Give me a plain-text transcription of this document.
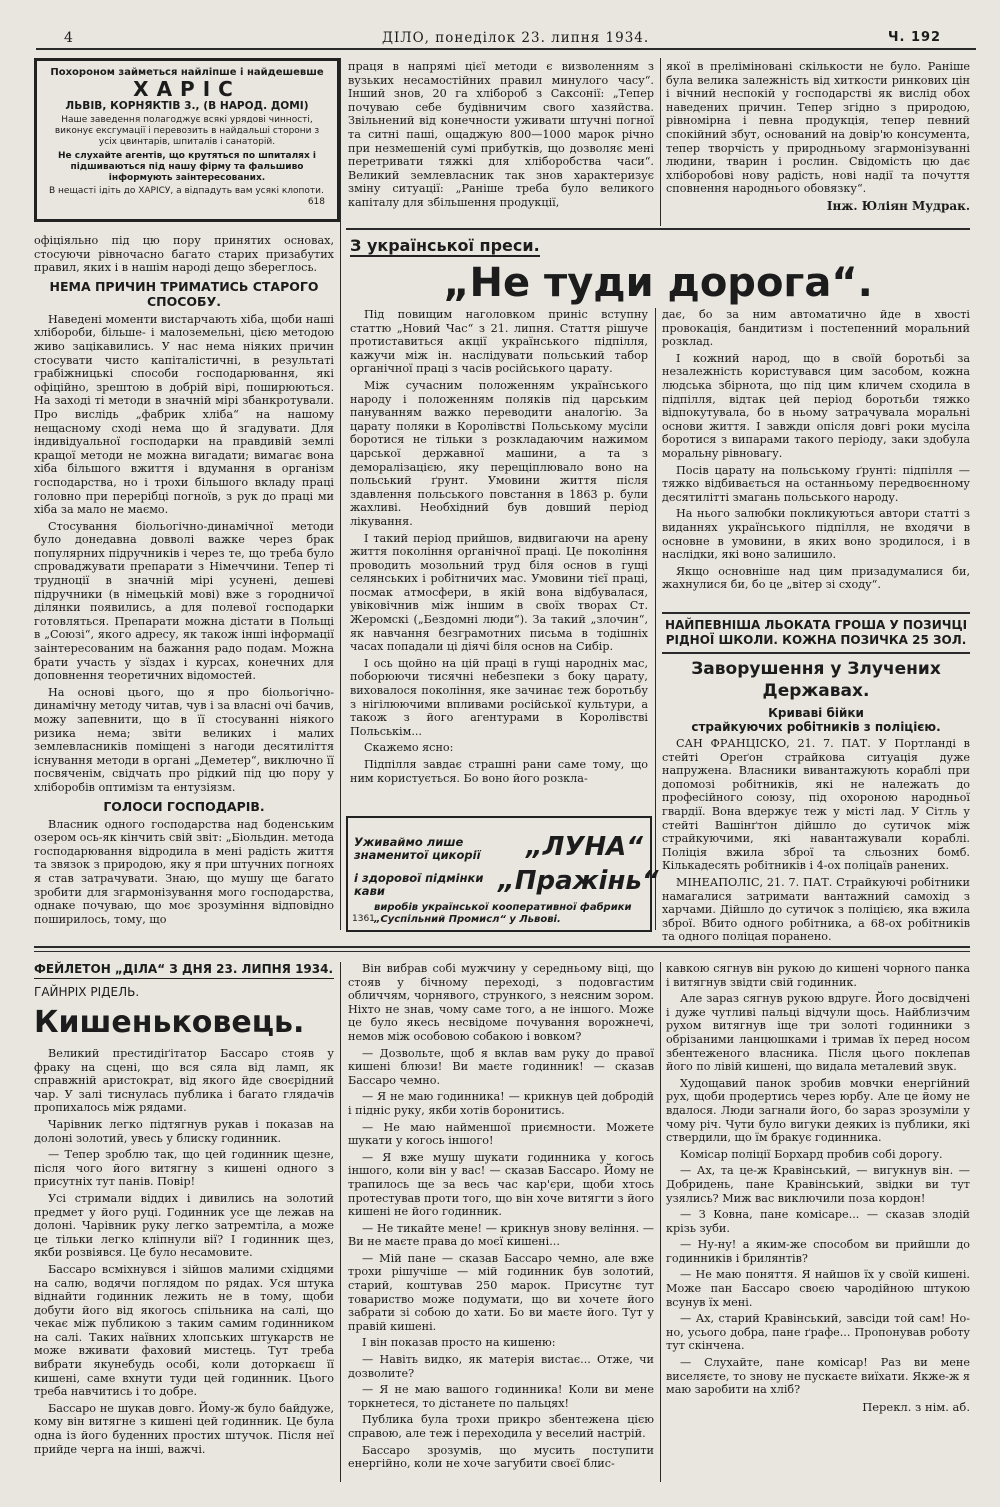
4	ДІЛО, понеділок 23. липня 1934.	Ч. 192
Похороном займеться найліпше і найдешевше
ХАРІС
ЛЬВІВ, КОРНЯКТІВ 3., (В НАРОД. ДОМІ)
Наше заведення полагоджує всякі урядові чинності, виконує ексгумації і перевозить в найдальші сторони з усіх цвинтарів, шпиталів і санаторій.
Не слухайте агентів, що крутяться по шпиталях і підшиваються під нашу фірму та фальшиво інформують заінтересованих.
В нещасті ідіть до ХАРІСУ, а відпадуть вам усякі клопоти.
618

офіціяльно під цю пору принятих основах, стосуючи рівночасно багато старих призабутих правил, яких і в нашім народі дещо збереглось.

НЕМА ПРИЧИН ТРИМАТИСЬ СТАРОГО СПОСОБУ.

Наведені моменти вистарчають хіба, щоби наші хлібороби, більше- і малоземельні, цією методою живо зацікавились. У нас нема ніяких причин стосувати чисто капіталістичні, в результаті грабіжницькі способи господарювання, які офіційно, зрештою в добрій вірі, поширюються. На заході ті методи в значній мірі збанкротували. Про вислідь „фабрик хліба“ на нашому нещасному сході нема що й згадувати. Для індивідуальної господарки на правдивій землі кращої методи не можна вигадати; вимагає вона хіба більшого вжиття і вдумання в організм господарства, но і трохи більшого вкладу праці головно при перерібці погноїв, з рук до праці ми хіба за мало не маємо.

Стосування біольогічно-динамічної методи було донедавна довволі важке через брак популярних підручників і через те, що треба було спроваджувати препарати з Німеччини. Тепер ті трудноції в значній мірі усунені, дешеві підручники (в німецькій мові) вже з городничої ділянки появились, а для полевої господарки готовляться. Препарати можна дістати в Польщі в „Союзі“, якого адресу, як також інші інформації заінтересованим на бажання радо подам. Можна брати участь у зїздах і курсах, конечних для доповнення теоретичних відомостей.

На основі цього, що я про біольогічно-динамічну методу читав, чув і за власні очі бачив, можу запевнити, що в її стосуванні ніякого ризика нема; звіти великих і малих землевласників поміщені з нагоди десятиліття існування методи в органі „Деметер“, виключно її посвяченім, свідчать про рідкий під цю пору у хліборобів оптимізм та ентузіязм.

ГОЛОСИ ГОСПОДАРІВ.

Власник одного господарства над боденським озером ось-як кінчить свій звіт: „Біольдин. метода господарювання відродила в мені радість життя та звязок з природою, яку я при штучних погноях я став затрачувати. Знаю, що мушу ще багато зробити для згармонізування мого господарства, однаке почуваю, що моє зрозуміння відповідно поширилось, тому, що

праця в напрямі цієї методи є визволенням з вузьких несамостійних правил минулого часу“. Інший знов, 20 га хлібороб з Саксонії: „Тепер почуваю себе будівничим свого хазяйства. Звільнений від конечности уживати штучні погної та ситні паші, ощаджую 800—1000 марок річно при незмешеній сумі прибутків, що дозволяє мені перетривати тяжкі для хліборобства часи“. Великий землевласник так знов характеризує зміну ситуації: „Раніше треба було великого капіталу для збільшення продукції,

якої в преліміновані скількости не було. Раніше була велика залежність від хиткости ринкових цін і вічний неспокій у господарстві як вислід обох наведених причин. Тепер згідно з природою, рівномірна і певна продукція, тепер певний спокійний збут, оснований на довір'ю консумента, тепер творчість у природньому згармонізуванні людини, тварин і рослин. Свідомість цю дає хліборобові нову радість, нові надії та почуття сповнення народнього обовязку“.

Інж. Юліян Мудрак.
З української преси.
„Не туди дорога“.

Під повищим наголовком приніс вступну статтю „Новий Час“ з 21. липня. Стаття рішуче протиставиться акції українського підпілля, кажучи між ін. наслідувати польський табор органічної праці з часів російського царату.

Між сучасним положенням українського народу і положенням поляків під царським пануванням важко переводити аналогію. За царату поляки в Королівстві Польському мусіли боротися не тільки з розкладаючим нажимом царської державної машини, а та з деморалізацією, яку перещіплювало воно на польський ґрунт. Умовини життя після здавлення польського повстання в 1863 р. були жахливі. Необхідний був довший період лікування.

І такий період прийшов, видвигаючи на арену життя покоління органічної праці. Це покоління проводить мозольний труд біля основ в гущі селянських і робітничих мас. Умовини тієї праці, посмак атмосфери, в якій вона відбувалася, увіковічнив між іншим в своїх творах Ст. Жеромскі („Бездомні люди“). За такий „злочин“, як навчання безграмотних письма в тодішніх часах попадали ці діячі біля основ на Сибір.

І ось щойно на цій праці в гущі народніх мас, поборюючи тисячні небезпеки з боку царату, виховалося покоління, яке зачинає теж боротьбу з нігілюючими впливами російської культури, а також з його агентурами в Королівстві Польськім...

Скажемо ясно:

Підпілля завдає страшні рани саме тому, що ним користується. Бо воно його розкла-

дає, бо за ним автоматично йде в хвості провокація, бандитизм і постепенний моральний розклад.

І кожний народ, що в своїй боротьбі за незалежність користувався цим засобом, кожна людська збірнота, що під цим кличем сходила в підпілля, відтак цей період боротьби тяжко відпокутувала, бо в ньому затрачувала моральні основи життя. І завжди опісля довгі роки мусіла боротися з випарами такого періоду, заки здобула моральну рівновагу.

Посів царату на польському ґрунті: підпілля — тяжко відбивається на останньому передвоєнному десятилітті змагань польського народу.

На нього залюбки покликуються автори статті з виданнях українського підпілля, не входячи в основне в умовини, в яких воно зродилося, і в наслідки, які воно залишило.

Якщо основніше над цим призадумалися би, жахнулися би, бо це „вітер зі сходу“.

Уживаймо лише знаменитої цикорії	„ЛУНА“
і здорової підмінки кави	„Пражінь“
виробів української кооперативної фабрики „Суспільний Промисл“ у Львові.
1361
НАЙПЕВНІША ЛЬОКАТА ГРОША У ПОЗИЧЦІ РІДНОЇ ШКОЛИ. КОЖНА ПОЗИЧКА 25 ЗОЛ.
Заворушення у Злучених Державах.
Криваві бійки
страйкуючих робітників з поліцією.

САН ФРАНЦІСКО, 21. 7. ПАТ. У Портланді в стейті Ореґон страйкова ситуація дуже напружена. Власники вивантажують кораблі при допомозі робітників, які не належать до професійного союзу, під охороною народньої гвардії. Вона вдержує теж у місті лад. У Сітль у стейті Вашінґтон дійшло до сутичок між страйкуючими, які навантажували кораблі. Поліція вжила зброї та сльозних бомб. Кількадесять робітників і 4-ох поліцаїв ранених.

МІНЕАПОЛІС, 21. 7. ПАТ. Страйкуючі робітники намагалися затримати вантажний самохід з харчами. Дійшло до сутичок з поліцією, яка вжила зброї. Вбито одного робітника, а 68-ох робітників та одного поліцая поранено.

ФЕЙЛЕТОН „ДІЛА“ З ДНЯ 23. ЛИПНЯ 1934.
ГАЙНРІХ РІДЕЛЬ.
Кишеньковець.

Великий престидіґітатор Бассаро стояв у фраку на сцені, що вся сяла від ламп, як справжній аристократ, від якого йде своєрідний чар. У залі тиснулась публика і багато глядачів пропихалось між рядами.

Чарівник легко підтягнув рукав і показав на долоні золотий, увесь у блиску годинник.

— Тепер зроблю так, що цей годинник щезне, після чого його витягну з кишені одного з присутніх тут панів. Повір!

Усі стримали віддих і дивились на золотий предмет у його руці. Годинник усе ще лежав на долоні. Чарівник руку легко затремтіла, а може це тільки легко кліпнули вії? І годинник щез, якби розвіявся. Це було несамовите.

Бассаро всміхнувся і зійшов малими східцями на салю, водячи поглядом по рядах. Уся штука віднайти годинник лежить не в тому, щоби добути його від якогось спільника на салі, що чекає між публикою з таким самим годинником на салі. Таких наївних хлопських штукарств не може вживати фаховий мистець. Тут треба вибрати якунебудь особі, коли доторкаєш її кишені, саме вхнути туди цей годинник. Цього треба навчитись і то добре.

Бассаро не шукав довго. Йому-ж було байдуже, кому він витягне з кишені цей годинник. Це була одна із його буденних простих штучок. Після неї прийде черга на інші, важчі.

Він вибрав собі мужчину у середньому віці, що стояв у бічному переході, з подовгастим обличчям, чорнявого, стрункого, з неясним зором. Ніхто не знав, чому саме того, а не іншого. Може це було якесь несвідоме почування ворожнечі, немов між особовою собакою і вовком?

— Дозвольте, щоб я вклав вам руку до правої кишені блюзи! Ви маєте годинник! — сказав Бассаро чемно.

— Я не маю годинника! — крикнув цей добродій і підніс руку, якби хотів боронитись.

— Не маю найменшої приємности. Можете шукати у когось іншого!

— Я вже мушу шукати годинника у когось іншого, коли він у вас! — сказав Бассаро. Йому не трапилось ще за весь час кар'єри, щоби хтось протестував проти того, що він хоче витягти з його кишені не його годинник.

— Не тикайте мене! — крикнув знову веління. — Ви не маєте права до моєї кишені...

— Мій пане — сказав Бассаро чемно, але вже трохи рішучіше — мій годинник був золотий, старий, коштував 250 марок. Присутнє тут товариство може подумати, що ви хочете його забрати зі собою до хати. Бо ви маєте його. Тут у правій кишені.

І він показав просто на кишеню:

— Навіть видко, як матерія вистає... Отже, чи дозволите?

— Я не маю вашого годинника! Коли ви мене торкнетеся, то дістанете по пальцях!

Публика була трохи прикро збентежена цією справою, але теж і переходила у веселий настрій.

Бассаро зрозумів, що мусить поступити енергійно, коли не хоче загубити своєї блис-

кавкою сягнув він рукою до кишені чорного панка і витягнув звідти свій годинник.

Але зараз сягнув рукою вдруге. Його досвідчені і дуже чутливі пальці відчули щось. Найблизчим рухом витягнув іще три золоті годинники з обрізаними ланцюшками і тримав їх перед носом збентеженого власника. Після цього поклепав його по лівій кишені, що видала металевий звук.

Худощавий панок зробив мовчки енергійний рух, щоби продертись через юрбу. Але це йому не вдалося. Люди загнали його, бо зараз зрозуміли у чому річ. Чути було вигуки деяких із публики, які ствердили, що їм бракує годинника.

Комісар поліції Борхард пробив собі дорогу.

— Ах, та це-ж Кравінський, — вигукнув він. — Добридень, пане Кравінський, звідки ви тут узялись? Миж вас виключили поза кордон!

— З Ковна, пане комісаре... — сказав злодій крізь зуби.

— Ну-ну! а яким-же способом ви прийшли до годинників і брилянтів?

— Не маю поняття. Я найшов їх у своїй кишені. Може пан Бассаро своєю чародійною штукою всунув їх мені.

— Ах, старий Кравінський, завсіди той сам! Но-но, усього добра, пане ґрафе... Пропонував роботу тут скінчена.

— Слухайте, пане комісар! Раз ви мене виселяєте, то знову не пускаєте виїхати. Якже-ж я маю заробити на хліб?

Перекл. з нім. аб.
